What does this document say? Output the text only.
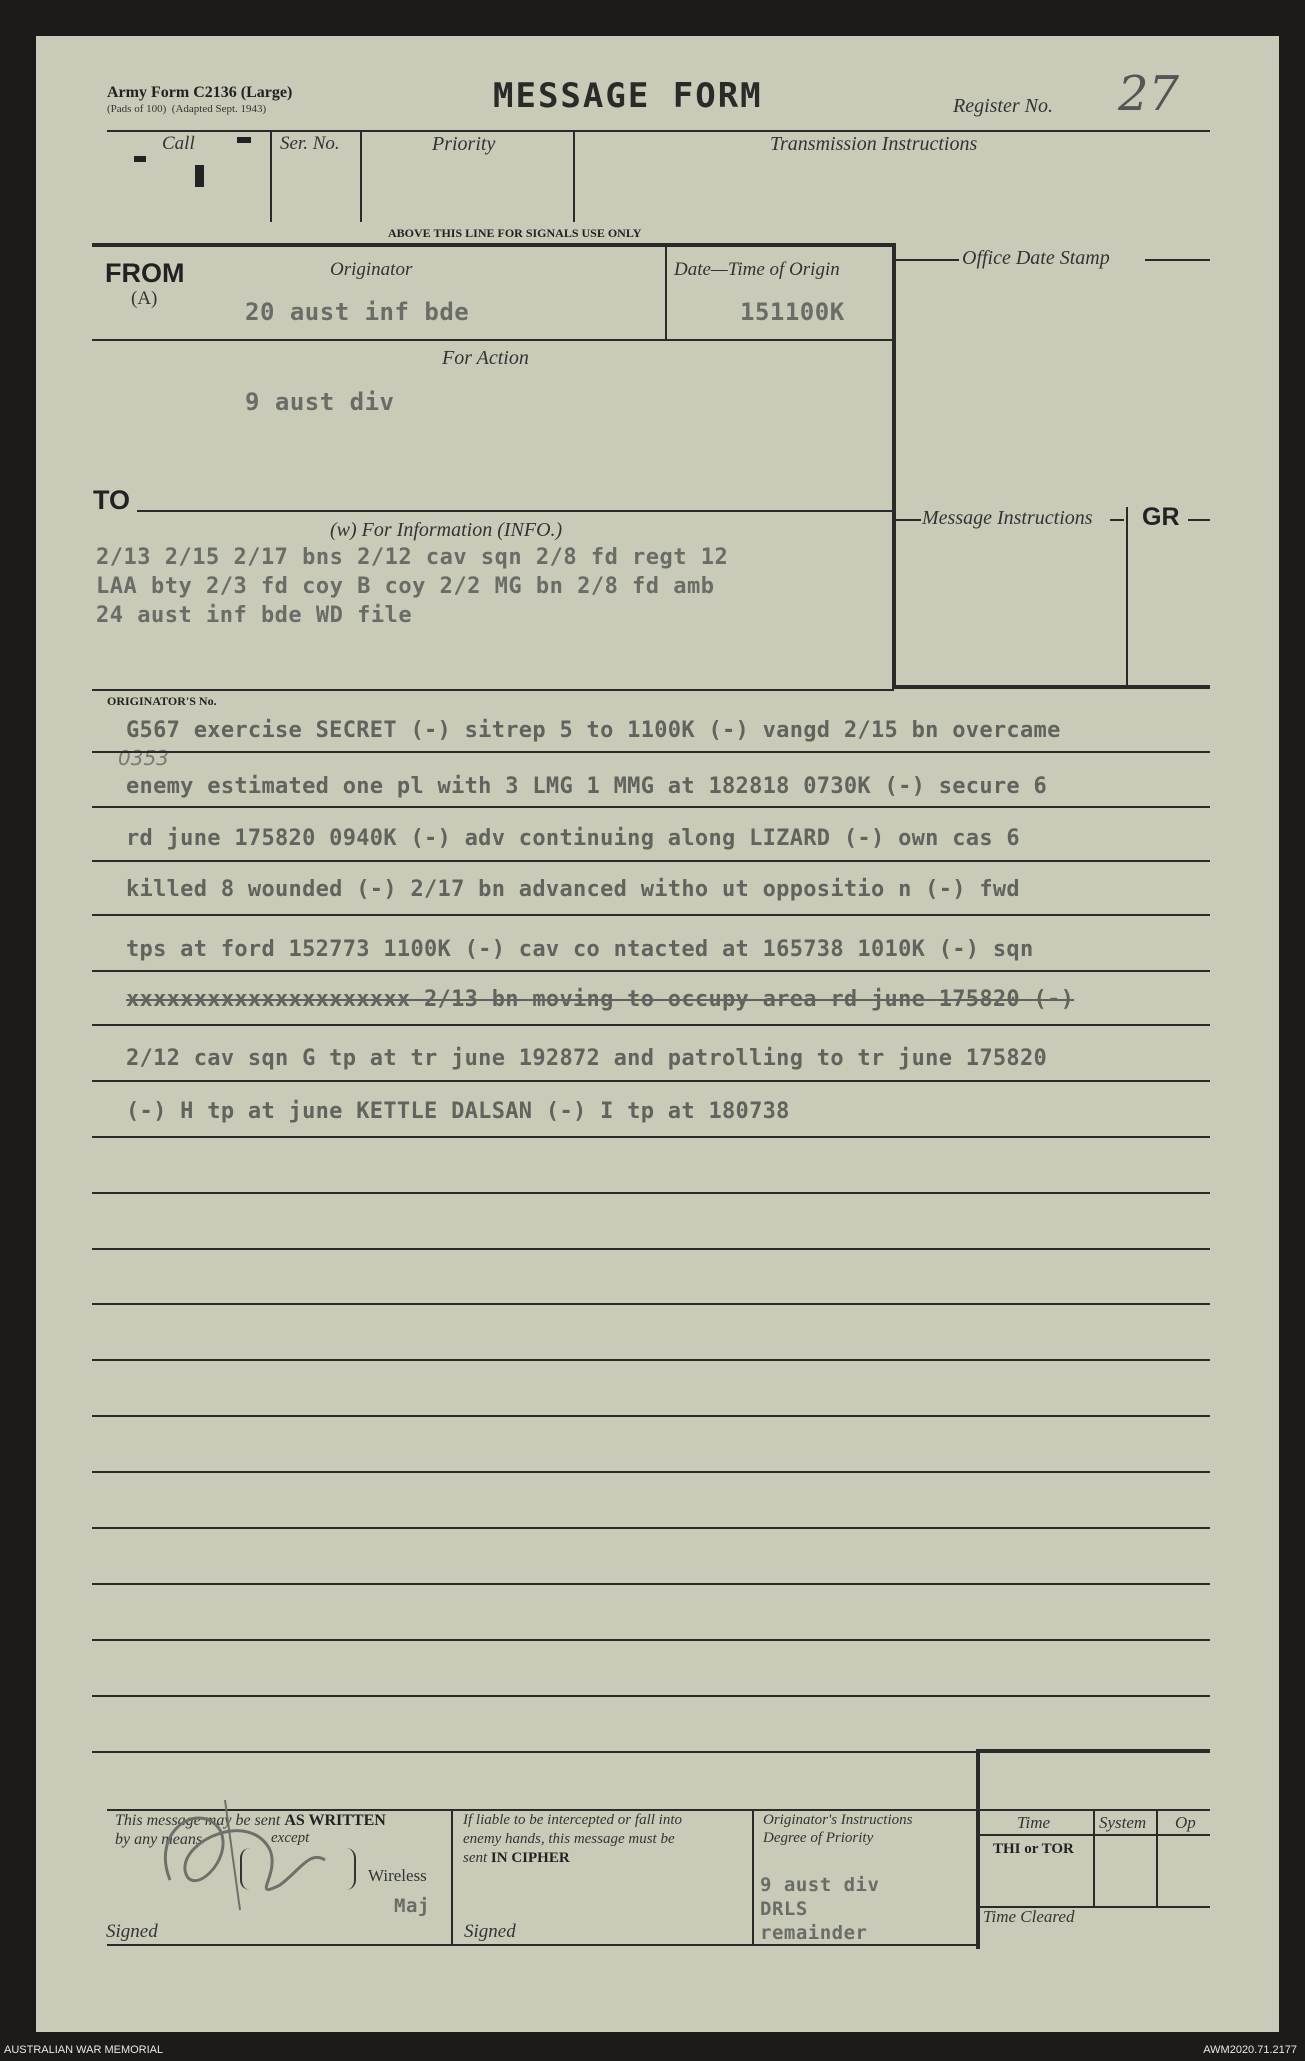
Army Form C2136 (Large)
(Pads of 100) (Adapted Sept. 1943)	MESSAGE FORM	Register No. 27
Call	Ser. No.	Priority	Transmission Instructions
ABOVE THIS LINE FOR SIGNALS USE ONLY
FROM
(A)
Originator
20 aust inf bde
Date—Time of Origin
151100K
For Action
9 aust div
TO
(w) For Information (INFO.)
2/13 2/15 2/17 bns 2/12 cav sqn 2/8 fd regt 12
LAA bty 2/3 fd coy B coy 2/2 MG bn 2/8 fd amb
24 aust inf bde WD file
Office Date Stamp
Message Instructions GR
ORIGINATOR'S No.
0353
G567 exercise SECRET (-) sitrep 5 to 1100K (-) vangd 2/15 bn overcame
enemy estimated one pl with 3 LMG 1 MMG at 182818 0730K (-) secure 6
rd june 175820 0940K (-) adv continuing along LIZARD (-) own cas 6
killed 8 wounded (-) 2/17 bn advanced witho ut oppositio n (-) fwd
tps at ford 152773 1100K (-) cav co ntacted at 165738 1010K (-) sqn
xxxxxxxxxxxxxxxxxxxxx 2/13 bn moving to occupy area rd june 175820 (-)
2/12 cav sqn G tp at tr june 192872 and patrolling to tr june 175820
(-) H tp at june KETTLE DALSAN (-) I tp at 180738
This message may be sent AS WRITTEN
by any means	except
Wireless
Maj
Signed
If liable to be intercepted or fall into
enemy hands, this message must be
sent IN CIPHER
Signed
Originator's Instructions
Degree of Priority
9 aust div
DRLS
remainder
Time	System Op
THI or TOR
Time Cleared
AUSTRALIAN WAR MEMORIAL	AWM2020.71.2177
